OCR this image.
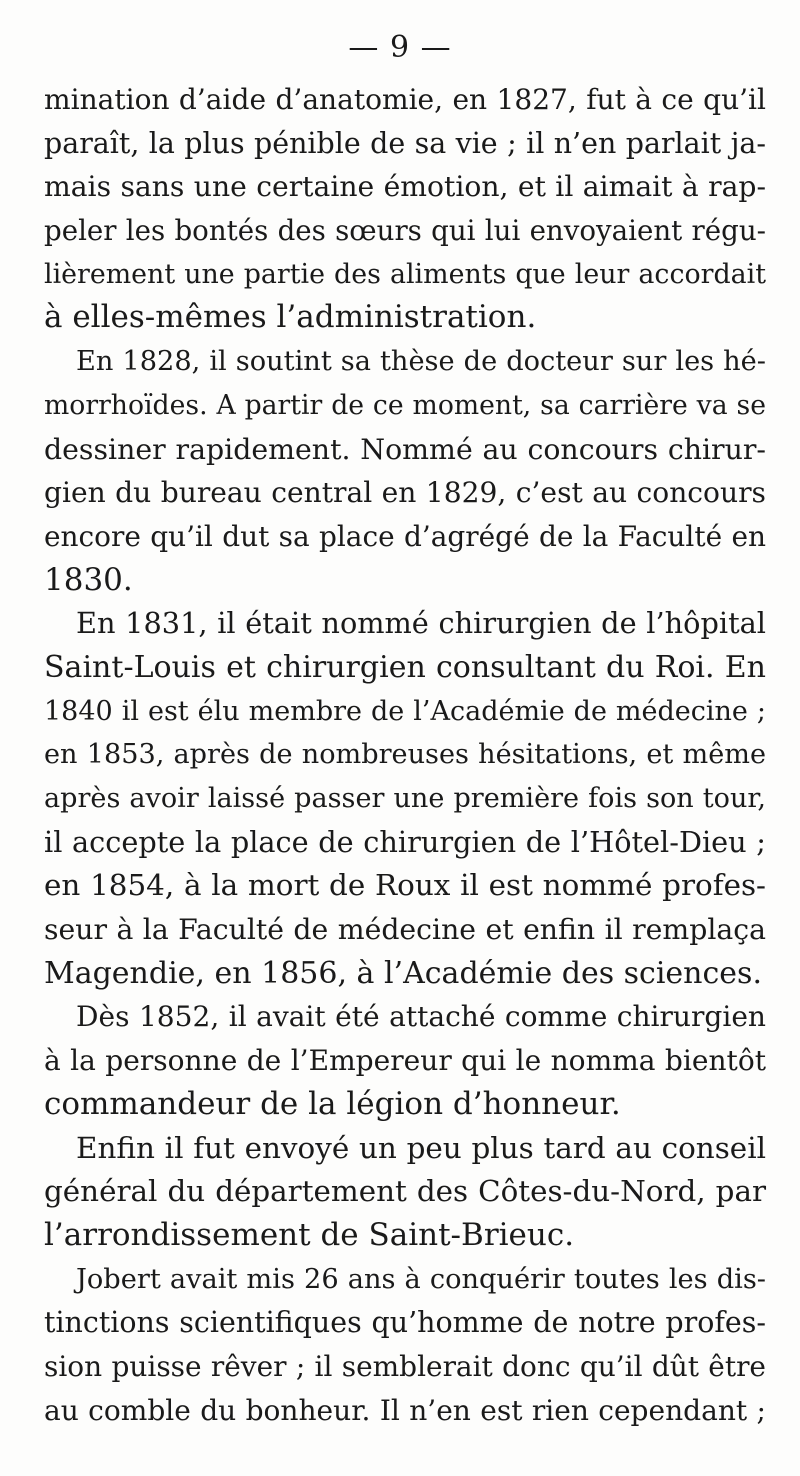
— 9 —
mination d’aide d’anatomie, en 1827, fut à ce qu’il
paraît, la plus pénible de sa vie ; il n’en parlait ja-
mais sans une certaine émotion, et il aimait à rap-
peler les bontés des sœurs qui lui envoyaient régu-
lièrement une partie des aliments que leur accordait
à elles-mêmes l’administration.
En 1828, il soutint sa thèse de docteur sur les hé-
morrhoïdes. A partir de ce moment, sa carrière va se
dessiner rapidement. Nommé au concours chirur-
gien du bureau central en 1829, c’est au concours
encore qu’il dut sa place d’agrégé de la Faculté en
1830.
En 1831, il était nommé chirurgien de l’hôpital
Saint-Louis et chirurgien consultant du Roi. En
1840 il est élu membre de l’Académie de médecine ;
en 1853, après de nombreuses hésitations, et même
après avoir laissé passer une première fois son tour,
il accepte la place de chirurgien de l’Hôtel-Dieu ;
en 1854, à la mort de Roux il est nommé profes-
seur à la Faculté de médecine et enfin il remplaça
Magendie, en 1856, à l’Académie des sciences.
Dès 1852, il avait été attaché comme chirurgien
à la personne de l’Empereur qui le nomma bientôt
commandeur de la légion d’honneur.
Enfin il fut envoyé un peu plus tard au conseil
général du département des Côtes-du-Nord, par
l’arrondissement de Saint-Brieuc.
Jobert avait mis 26 ans à conquérir toutes les dis-
tinctions scientifiques qu’homme de notre profes-
sion puisse rêver ; il semblerait donc qu’il dût être
au comble du bonheur. Il n’en est rien cependant ;
